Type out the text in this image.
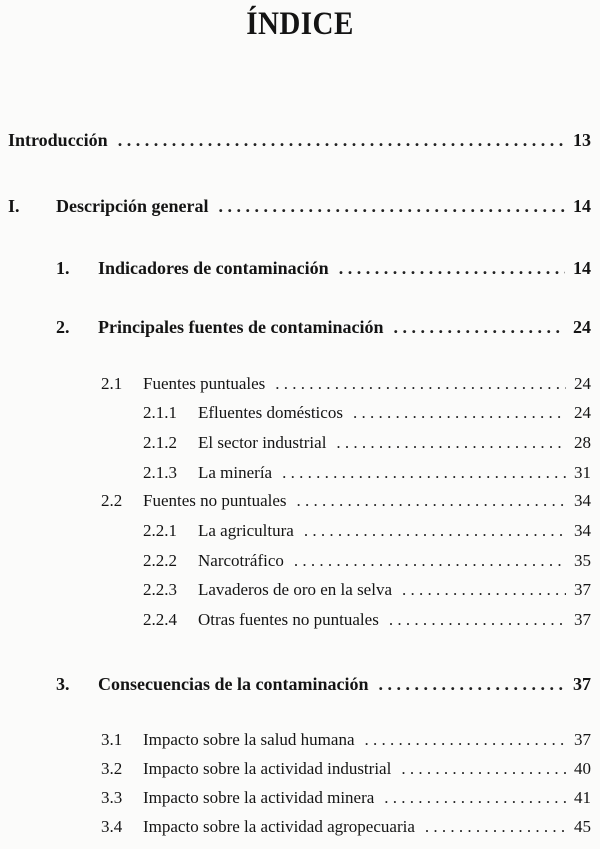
ÍNDICE
Introducción . . .	13
I.	Descripción general . . .	14
1.	Indicadores de contaminación . . .	14
2.	Principales fuentes de contaminación . . .	24
2.1	Fuentes puntuales . . .	24
2.1.1	Efluentes domésticos . . .	24
2.1.2	El sector industrial . . .	28
2.1.3	La minería . . .	31
2.2	Fuentes no puntuales . . .	34
2.2.1	La agricultura . . .	34
2.2.2	Narcotráfico . . .	35
2.2.3	Lavaderos de oro en la selva . . .	37
2.2.4	Otras fuentes no puntuales . . .	37
3.	Consecuencias de la contaminación . . .	37
3.1	Impacto sobre la salud humana . . .	37
3.2	Impacto sobre la actividad industrial . . .	40
3.3	Impacto sobre la actividad minera . . .	41
3.4	Impacto sobre la actividad agropecuaria . . .	45
